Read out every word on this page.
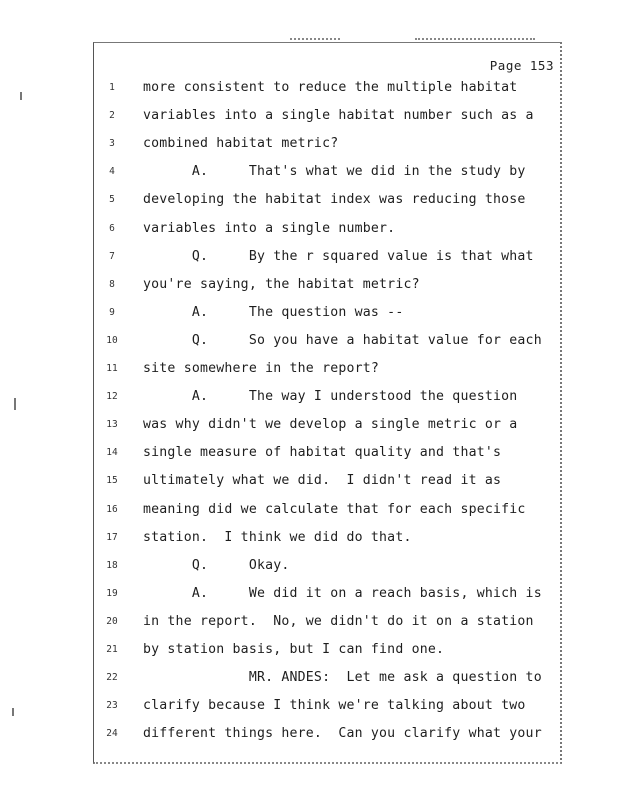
Page 153
1	more consistent to reduce the multiple habitat
2	variables into a single habitat number such as a
3	combined habitat metric?
4	A.     That's what we did in the study by
5	developing the habitat index was reducing those
6	variables into a single number.
7	Q.     By the r squared value is that what
8	you're saying, the habitat metric?
9	A.     The question was --
10	Q.     So you have a habitat value for each
11	site somewhere in the report?
12	A.     The way I understood the question
13	was why didn't we develop a single metric or a
14	single measure of habitat quality and that's
15	ultimately what we did.  I didn't read it as
16	meaning did we calculate that for each specific
17	station.  I think we did do that.
18	Q.     Okay.
19	A.     We did it on a reach basis, which is
20	in the report.  No, we didn't do it on a station
21	by station basis, but I can find one.
22	MR. ANDES:  Let me ask a question to
23	clarify because I think we're talking about two
24	different things here.  Can you clarify what your
